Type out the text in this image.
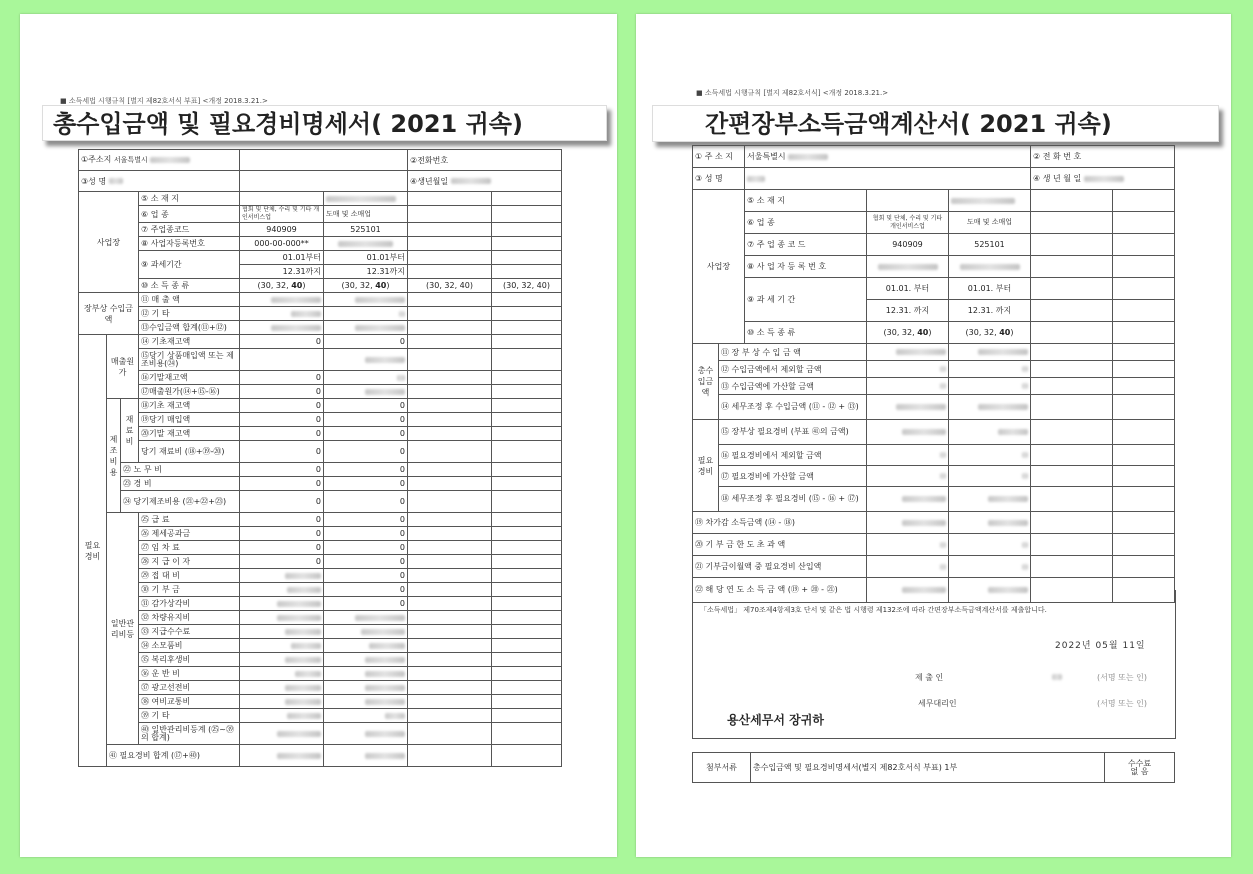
■ 소득세법 시행규칙 [별지 제82호서식 부표] <개정 2018.3.21.>
총수입금액 및 필요경비명세서( 2021 귀속)
①주소지 서울특별시						②전화번호	
③성 명						④생년월일	
사업장			⑤ 소 재 지				
			⑥ 업 종	협회 및 단체, 수리 및 기타 개인서비스업	도매 및 소매업		
			⑦ 주업종코드	940909	525101		
			⑧ 사업자등록번호	000-00-000**			
			⑨ 과세기간	01.01부터	01.01부터		
				12.31까지	12.31까지		
			⑩ 소 득 종 류	(30, 32, 40)	(30, 32, 40)	(30, 32, 40)	(30, 32, 40)
장부상 수입금액			⑪ 매 출 액				
			⑫ 기 타				
			⑬수입금액 합계(⑪+⑫)				
필요경비	매출원가		⑭ 기초재고액	0	0		
			⑮당기 상품매입액 또는 제조비용(㉔)				
			⑯기말재고액	0			
			⑰매출원가(⑭+⑮-⑯)	0			
	제조비용	재료비	⑱기초 재고액	0	0		
			⑲당기 매입액	0	0		
			⑳기말 재고액	0	0		
			당기 재료비 (⑱+⑲-⑳)	0	0		
		㉒ 노 무 비		0	0		
		㉓ 경 비		0	0		
		㉔ 당기제조비용 (㉑+㉒+㉓)		0	0		
	일반관리비등		㉕ 급 료	0	0		
			㉖ 제세공과금	0	0		
			㉗ 임 차 료	0	0		
			㉘ 지 급 이 자	0	0		
			㉙ 접 대 비		0		
			㉚ 기 부 금		0		
			㉛ 감가상각비		0		
			㉜ 차량유지비				
			㉝ 지급수수료				
			㉞ 소모품비				
			㉟ 복리후생비				
			㊱ 운 반 비				
			㊲ 광고선전비				
			㊳ 여비교통비				
			㊴ 기 타				
			㊵ 일반관리비등계 (㉕~㊴의 합계)				
	㊶ 필요경비 합계 (⑰+㊵)						
■ 소득세법 시행규칙 [별지 제82호서식] <개정 2018.3.21.>
간편장부소득금액계산서( 2021 귀속)
① 주 소 지		서울특별시			② 전 화 번 호	
③ 성 명					④ 생 년 월 일	
사업장		⑤ 소 재 지				
		⑥ 업 종	협회 및 단체, 수리 및 기타 개인서비스업	도매 및 소매업		
		⑦ 주 업 종 코 드	940909	525101		
		⑧ 사 업 자 등 록 번 호				
		⑨ 과 세 기 간	01.01. 부터	01.01. 부터		
			12.31. 까지	12.31. 까지		
		⑩ 소 득 종 류	(30, 32, 40)	(30, 32, 40)		
총수입금액	⑪ 장 부 상 수 입 금 액					
	⑫ 수입금액에서 제외할 금액					
	⑬ 수입금액에 가산할 금액					
	⑭ 세무조정 후 수입금액 (⑪ - ⑫ + ⑬)					
필요경비	⑮ 장부상 필요경비 (부표 ㊶의 금액)					
	⑯ 필요경비에서 제외할 금액					
	⑰ 필요경비에 가산할 금액					
	⑱ 세무조정 후 필요경비 (⑮ - ⑯ + ⑰)					
⑲ 차가감 소득금액 (⑭ - ⑱)						
⑳ 기 부 금 한 도 초 과 액						
㉑ 기부금이월액 중 필요경비 산입액						
㉒ 해 당 연 도 소 득 금 액 (⑲ + ⑳ - ㉑)						
「소득세법」 제70조제4항제3호 단서 및 같은 법 시행령 제132조에 따라 간편장부소득금액계산서를 제출합니다.
2022년 05월 11일
제 출 인	(서명 또는 인)
세무대리인	(서명 또는 인)
용산세무서 장귀하
첨부서류	총수입금액 및 필요경비명세서(별지 제82호서식 부표) 1부	수수료
없 음
